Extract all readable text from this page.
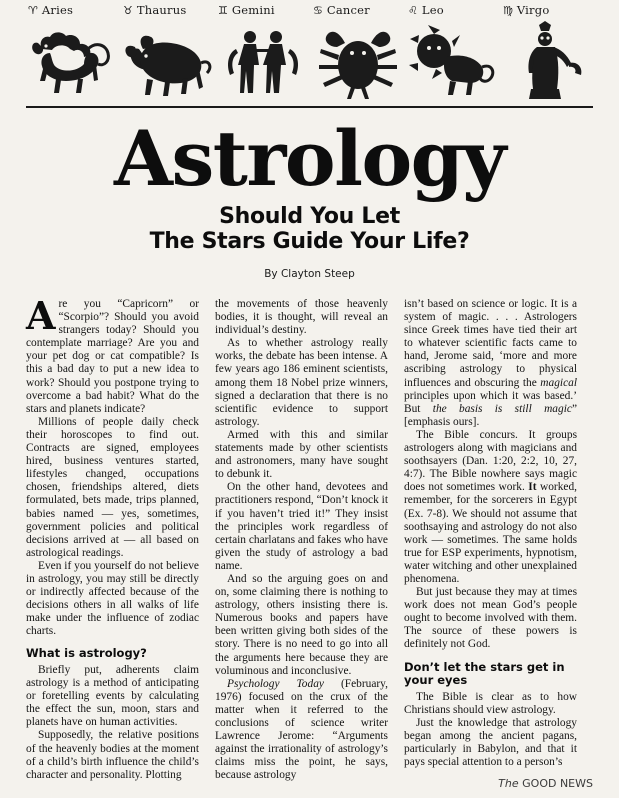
♈ Aries	♉ Thaurus	♊ Gemini	♋ Cancer	♌ Leo	♍ Virgo
Astrology

Should You Let

The Stars Guide Your Life?

By Clayton Steep

Are you “Capricorn” or “Scorpio”? Should you avoid strangers today? Should you contemplate marriage? Are you and your pet dog or cat compatible? Is this a bad day to put a new idea to work? Should you postpone trying to overcome a bad habit? What do the stars and planets indicate?

Millions of people daily check their horoscopes to find out. Contracts are signed, employees hired, business ventures started, lifestyles changed, occupations chosen, friendships altered, diets formulated, bets made, trips planned, babies named — yes, sometimes, government policies and political decisions arrived at — all based on astrological readings.

Even if you yourself do not believe in astrology, you may still be directly or indirectly affected because of the decisions others in all walks of life make under the influence of zodiac charts.

What is astrology?

Briefly put, adherents claim astrology is a method of anticipating or foretelling events by calculating the effect the sun, moon, stars and planets have on human activities.

Supposedly, the relative positions of the heavenly bodies at the moment of a child’s birth influence the child’s character and personality. Plotting

the movements of those heavenly bodies, it is thought, will reveal an individual’s destiny.

As to whether astrology really works, the debate has been intense. A few years ago 186 eminent scientists, among them 18 Nobel prize winners, signed a declaration that there is no scientific evidence to support astrology.

Armed with this and similar statements made by other scientists and astronomers, many have sought to debunk it.

On the other hand, devotees and practitioners respond, “Don’t knock it if you haven’t tried it!” They insist the principles work regardless of certain charlatans and fakes who have given the study of astrology a bad name.

And so the arguing goes on and on, some claiming there is nothing to astrology, others insisting there is. Numerous books and papers have been written giving both sides of the story. There is no need to go into all the arguments here because they are voluminous and inconclusive.

Psychology Today (February, 1976) focused on the crux of the matter when it referred to the conclusions of science writer Lawrence Jerome: “Arguments against the irrationality of astrology’s claims miss the point, he says, because astrology

isn’t based on science or logic. It is a system of magic. . . . Astrologers since Greek times have tied their art to whatever scientific facts came to hand, Jerome said, ‘more and more ascribing astrology to physical influences and obscuring the magical principles upon which it was based.’ But the basis is still magic” [emphasis ours].

The Bible concurs. It groups astrologers along with magicians and soothsayers (Dan. 1:20, 2:2, 10, 27, 4:7). The Bible nowhere says magic does not sometimes work. It worked, remember, for the sorcerers in Egypt (Ex. 7-8). We should not assume that soothsaying and astrology do not also work — sometimes. The same holds true for ESP experiments, hypnotism, water witching and other unexplained phenomena.

But just because they may at times work does not mean God’s people ought to become involved with them. The source of these powers is definitely not God.

Don’t let the stars get in
your eyes

The Bible is clear as to how Christians should view astrology.

Just the knowledge that astrology began among the ancient pagans, particularly in Babylon, and that it pays special attention to a person’s

The GOOD NEWS
